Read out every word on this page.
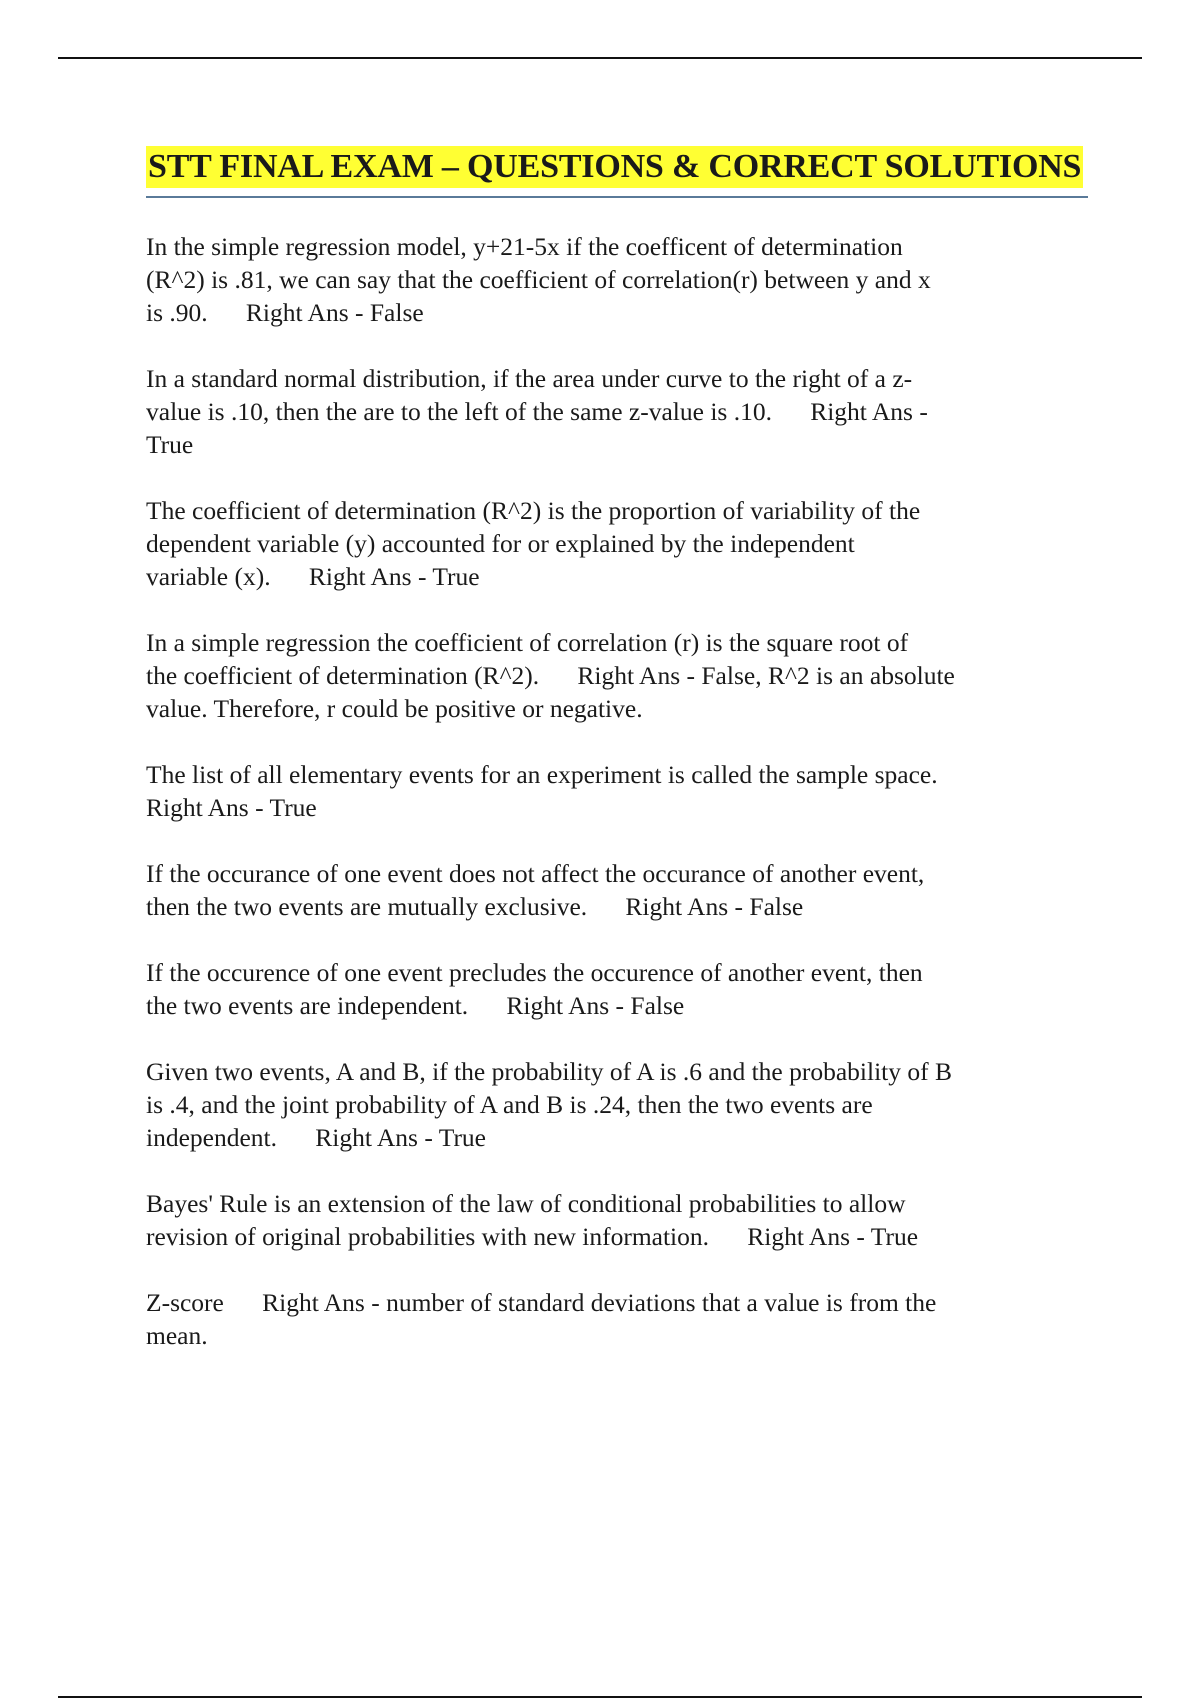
STT FINAL EXAM – QUESTIONS & CORRECT SOLUTIONS
In the simple regression model, y+21-5x if the coefficent of determination
(R^2) is .81, we can say that the coefficient of correlation(r) between y and x
is .90.      Right Ans - False
In a standard normal distribution, if the area under curve to the right of a z-
value is .10, then the are to the left of the same z-value is .10.      Right Ans -
True
The coefficient of determination (R^2) is the proportion of variability of the
dependent variable (y) accounted for or explained by the independent
variable (x).      Right Ans - True
In a simple regression the coefficient of correlation (r) is the square root of
the coefficient of determination (R^2).      Right Ans - False, R^2 is an absolute
value. Therefore, r could be positive or negative.
The list of all elementary events for an experiment is called the sample space.
Right Ans - True
If the occurance of one event does not affect the occurance of another event,
then the two events are mutually exclusive.      Right Ans - False
If the occurence of one event precludes the occurence of another event, then
the two events are independent.      Right Ans - False
Given two events, A and B, if the probability of A is .6 and the probability of B
is .4, and the joint probability of A and B is .24, then the two events are
independent.      Right Ans - True
Bayes' Rule is an extension of the law of conditional probabilities to allow
revision of original probabilities with new information.      Right Ans - True
Z-score      Right Ans - number of standard deviations that a value is from the
mean.
